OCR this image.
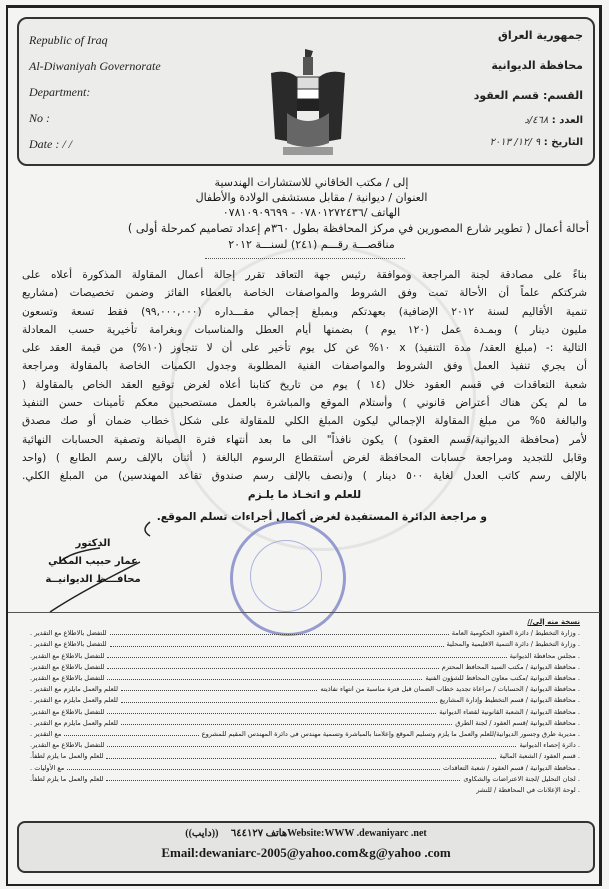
Republic of Iraq
Al-Diwaniyah Governorate
Department:
No :
Date : / /
جمهورية العراق
محافظة الديوانية
القسم: قسم العقود
العدد : ٤٦٨/د
التاريخ : ٩ /١٢/ ٢٠١٣
إلى / مكتب الخاقاني للاستشارات الهندسية
العنوان / ديوانية / مقابل مستشفى الولادة والأطفال
الهاتف /٠٧٨٠١٢٧٢٤٣٦ - ٠٧٨١٠٩٠٩٦٩٩
أحالة أعمال ( تطوير شارع المصورين في مركز المحافظة بطول ٣٦٠م إعداد تصاميم كمرحلة أولى )
مناقصـــة رقـــم (٢٤١) لسنـــة ٢٠١٢
بناءً على مصادقة لجنة المراجعة وموافقة رئيس جهة التعاقد تقرر إحالة أعمال المقاولة المذكورة أعلاه على
شركتكم علماً أن الأحالة تمت وفق الشروط والمواصفات الخاصة بالعطاء الفائز وضمن تخصيصات (مشاريع
تنمية الأقاليم لسنة ٢٠١٢ الإضافية) بعهدتكم وبمبلغ إجمالي مقـــداره (٩٩,٠٠٠,٠٠٠) فقط تسعة وتسعون
مليون دينار ) وبمـدة عمل (١٢٠ يوم ) بضمنها أيام العطل والمناسبات وبغرامة تأخيرية حسب المعادلة
التالية :- (مبلغ العقد/ مدة التنفيذ) x ١٠% عن كل يوم تأخير على أن لا تتجاوز (١٠%) من قيمة العقد على
أن يجري تنفيذ العمل وفق الشروط والمواصفات الفنية المطلوبة وجدول الكميات الخاصة بالمقاولة ومراجعة
شعبة التعاقدات في قسم العقود خلال (١٤ ) يوم من تاريخ كتابنا أعلاه لغرض توقيع العقد الخاص بالمقاولة (
ما لم يكن هناك أعتراض قانوني ) وأستلام الموقع والمباشرة بالعمل مستصحبين معكم تأمينات حسن التنفيذ
والبالغة ٥% من مبلغ المقاولة الإجمالي ليكون المبلغ الكلي للمقاولة على شكل خطاب ضمان أو صك مصدق
لأمر (محافظة الديوانية/قسم العقود) ) يكون نافذاً" الى ما بعد أنتهاء فترة الصيانة وتصفية الحسابات النهائية
وقابل للتجديد ومراجعة حسابات المحافظة لغرض أستقطاع الرسوم البالغة ( أثنان بالإلف رسم الطابع ) (واحد
بالإلف رسم كاتب العدل لغاية ٥٠٠ دينار ) و(نصف بالإلف رسم صندوق تقاعد المهندسين) من المبلغ الكلي.
للعلم و اتخـاذ ما يلـزم
و مراجعة الدائرة المستفيدة لغرض أكمال أجراءات تسلم الموقع.
الدكتور
عمار حبيب المكلي
محافـــظ الديوانيــة
نسخة منه إلى//
. وزارة التخطيط / دائرة العقود الحكومية العامة
للتفضل بالاطلاع مع التقدير .
. وزارة التخطيط / دائرة التنمية الاقليمية والمحلية
للتفضل بالاطلاع مع التقدير .
. مجلس محافظة الديوانية
للتفضل بالاطلاع مع التقدير.
. محافظة الديوانية / مكتب السيد المحافظ المحترم
للتفضل بالاطلاع مع التقدير.
. محافظة الديوانية /مكتب معاون المحافظ للشؤون الفنية
للتفضل بالاطلاع مع التقدير.
. محافظة الديوانية / الحسابات / مراعاة تجديد خطاب الضمان قبل فترة مناسبة من انتهاء نفاذيته
للعلم والعمل مايلزم مع التقدير .
. محافظة الديوانية / قسم التخطيط وإدارة المشاريع
للعلم والعمل مايلزم مع التقدير .
. محافظة الديوانية / الشعبة القانونية لقضاء الديوانية
للتفضل بالاطلاع مع التقدير.
. محافظة الديوانية /قسم العقود / لجنة الطرق
للعلم والعمل مايلزم مع التقدير .
. مديرية طرق وجسور الديوانية/للعلم والعمل ما يلزم وتسليم الموقع وإعلامنا بالمباشرة وتسمية مهندس في دائرة المهندس المقيم للمشروع
مع التقدير .
. دائرة إحصاء الديوانية
للتفضل بالاطلاع مع التقدير.
. قسم العقود / الشعبة المالية
للعلم والعمل ما يلزم لطفاً.
. محافظة الديوانية / قسم العقود / شعبة التعاقدات
مع الأوليات .
. لجان التحليل /لجنة الاعتراضات والشكاوى
للعلم والعمل ما يلزم لطفاً.
. لوحة الإعلانات في المحافظة / للنشر
هاتف ٦٤٤١٢٧     ((دايب))Website:WWW .dewaniyarc .net
Email:dewaniarc-2005@yahoo.com&g@yahoo .com
